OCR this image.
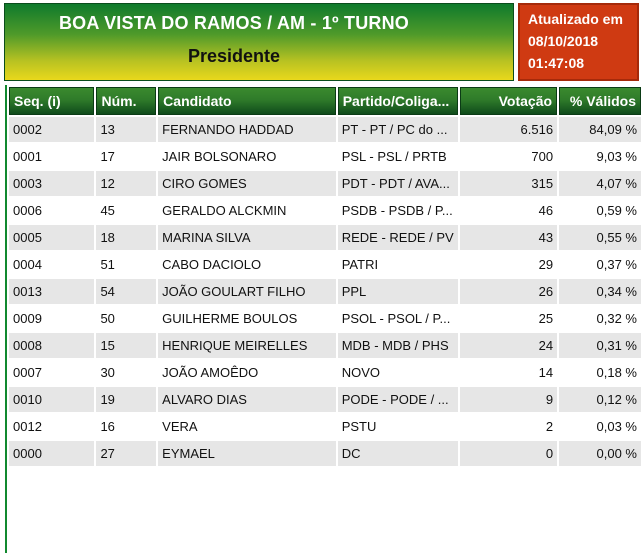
BOA VISTA DO RAMOS / AM - 1º TURNO
Presidente
Atualizado em
08/10/2018
01:47:08
Seq. (i)	Núm.	Candidato	Partido/Coliga...	Votação	% Válidos
0002	13	FERNANDO HADDAD	PT - PT / PC do ...	6.516	84,09 %
0001	17	JAIR BOLSONARO	PSL - PSL / PRTB	700	9,03 %
0003	12	CIRO GOMES	PDT - PDT / AVA...	315	4,07 %
0006	45	GERALDO ALCKMIN	PSDB - PSDB / P...	46	0,59 %
0005	18	MARINA SILVA	REDE - REDE / PV	43	0,55 %
0004	51	CABO DACIOLO	PATRI	29	0,37 %
0013	54	JOÃO GOULART FILHO	PPL	26	0,34 %
0009	50	GUILHERME BOULOS	PSOL - PSOL / P...	25	0,32 %
0008	15	HENRIQUE MEIRELLES	MDB - MDB / PHS	24	0,31 %
0007	30	JOÃO AMOÊDO	NOVO	14	0,18 %
0010	19	ALVARO DIAS	PODE - PODE / ...	9	0,12 %
0012	16	VERA	PSTU	2	0,03 %
0000	27	EYMAEL	DC	0	0,00 %
